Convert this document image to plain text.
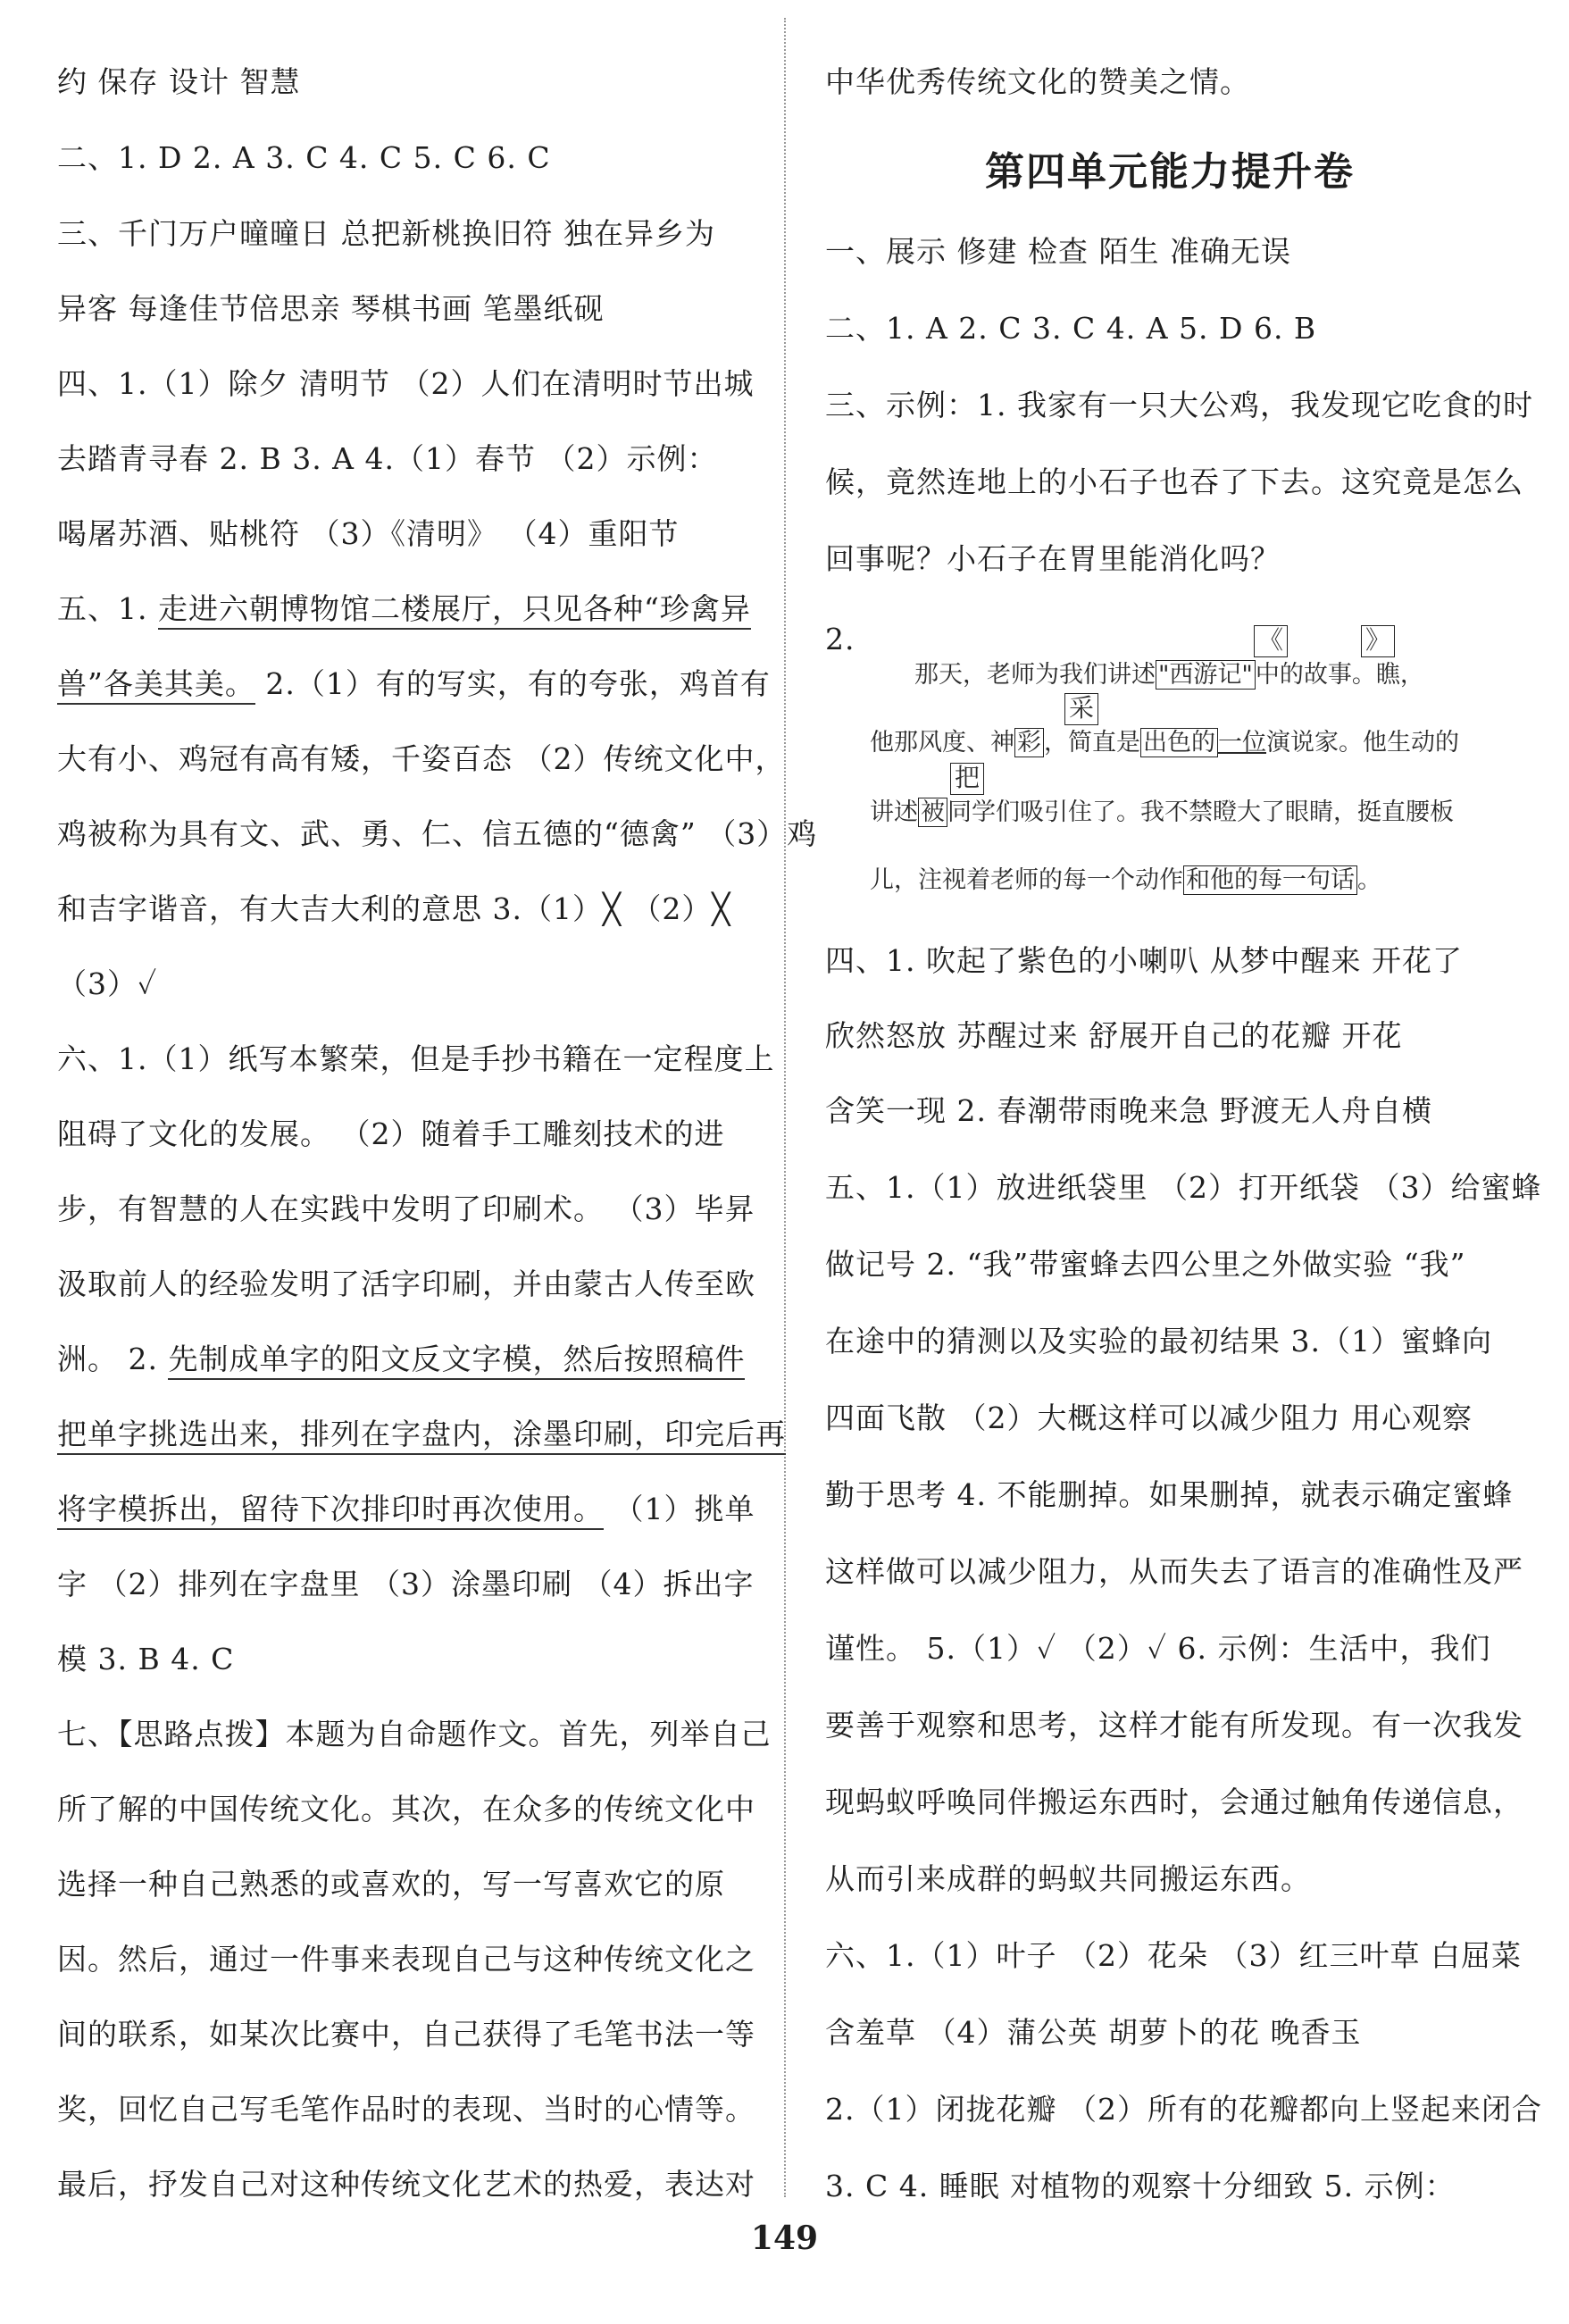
约 保存 设计 智慧
二、1. D 2. A 3. C 4. C 5. C 6. C
三、千门万户曈曈日 总把新桃换旧符 独在异乡为
异客 每逢佳节倍思亲 琴棋书画 笔墨纸砚
四、1.（1）除夕 清明节 （2）人们在清明时节出城
去踏青寻春 2. B 3. A 4.（1）春节 （2）示例：
喝屠苏酒、贴桃符 （3）《清明》 （4）重阳节
五、1. 走进六朝博物馆二楼展厅，只见各种“珍禽异
兽”各美其美。 2.（1）有的写实，有的夸张，鸡首有
大有小、鸡冠有高有矮，千姿百态 （2）传统文化中，
鸡被称为具有文、武、勇、仁、信五德的“德禽” （3）鸡
和吉字谐音，有大吉大利的意思 3.（1）╳ （2）╳
（3）✓
六、1.（1）纸写本繁荣，但是手抄书籍在一定程度上
阻碍了文化的发展。 （2）随着手工雕刻技术的进
步，有智慧的人在实践中发明了印刷术。 （3）毕昇
汲取前人的经验发明了活字印刷，并由蒙古人传至欧
洲。 2. 先制成单字的阳文反文字模，然后按照稿件
把单字挑选出来，排列在字盘内，涂墨印刷，印完后再
将字模拆出，留待下次排印时再次使用。 （1）挑单
字 （2）排列在字盘里 （3）涂墨印刷 （4）拆出字
模 3. B 4. C
七、【思路点拨】本题为自命题作文。首先，列举自己
所了解的中国传统文化。其次，在众多的传统文化中
选择一种自己熟悉的或喜欢的，写一写喜欢它的原
因。然后，通过一件事来表现自己与这种传统文化之
间的联系，如某次比赛中，自己获得了毛笔书法一等
奖，回忆自己写毛笔作品时的表现、当时的心情等。
最后，抒发自己对这种传统文化艺术的热爱，表达对
中华优秀传统文化的赞美之情。
第四单元能力提升卷
一、展示 修建 检查 陌生 准确无误
二、1. A 2. C 3. C 4. A 5. D 6. B
三、示例：1. 我家有一只大公鸡，我发现它吃食的时
候，竟然连地上的小石子也吞了下去。这究竟是怎么
回事呢？小石子在胃里能消化吗？
2.	《	》
那天，老师为我们讲述 "西游记" 中的故事。瞧，
采
他那风度、神 彩 ，简直是 出色的 一位演说家。他生动的
把
讲述 被 同学们吸引住了。我不禁瞪大了眼睛，挺直腰板
儿，注视着老师的每一个动作 和他的每一句话 。
四、1. 吹起了紫色的小喇叭 从梦中醒来 开花了
欣然怒放 苏醒过来 舒展开自己的花瓣 开花
含笑一现 2. 春潮带雨晚来急 野渡无人舟自横
五、1.（1）放进纸袋里 （2）打开纸袋 （3）给蜜蜂
做记号 2. “我”带蜜蜂去四公里之外做实验 “我”
在途中的猜测以及实验的最初结果 3.（1）蜜蜂向
四面飞散 （2）大概这样可以减少阻力 用心观察
勤于思考 4. 不能删掉。如果删掉，就表示确定蜜蜂
这样做可以减少阻力，从而失去了语言的准确性及严
谨性。 5.（1）✓ （2）✓ 6. 示例：生活中，我们
要善于观察和思考，这样才能有所发现。有一次我发
现蚂蚁呼唤同伴搬运东西时，会通过触角传递信息，
从而引来成群的蚂蚁共同搬运东西。
六、1.（1）叶子 （2）花朵 （3）红三叶草 白屈菜
含羞草 （4）蒲公英 胡萝卜的花 晚香玉
2.（1）闭拢花瓣 （2）所有的花瓣都向上竖起来闭合
3. C 4. 睡眠 对植物的观察十分细致 5. 示例：
149
